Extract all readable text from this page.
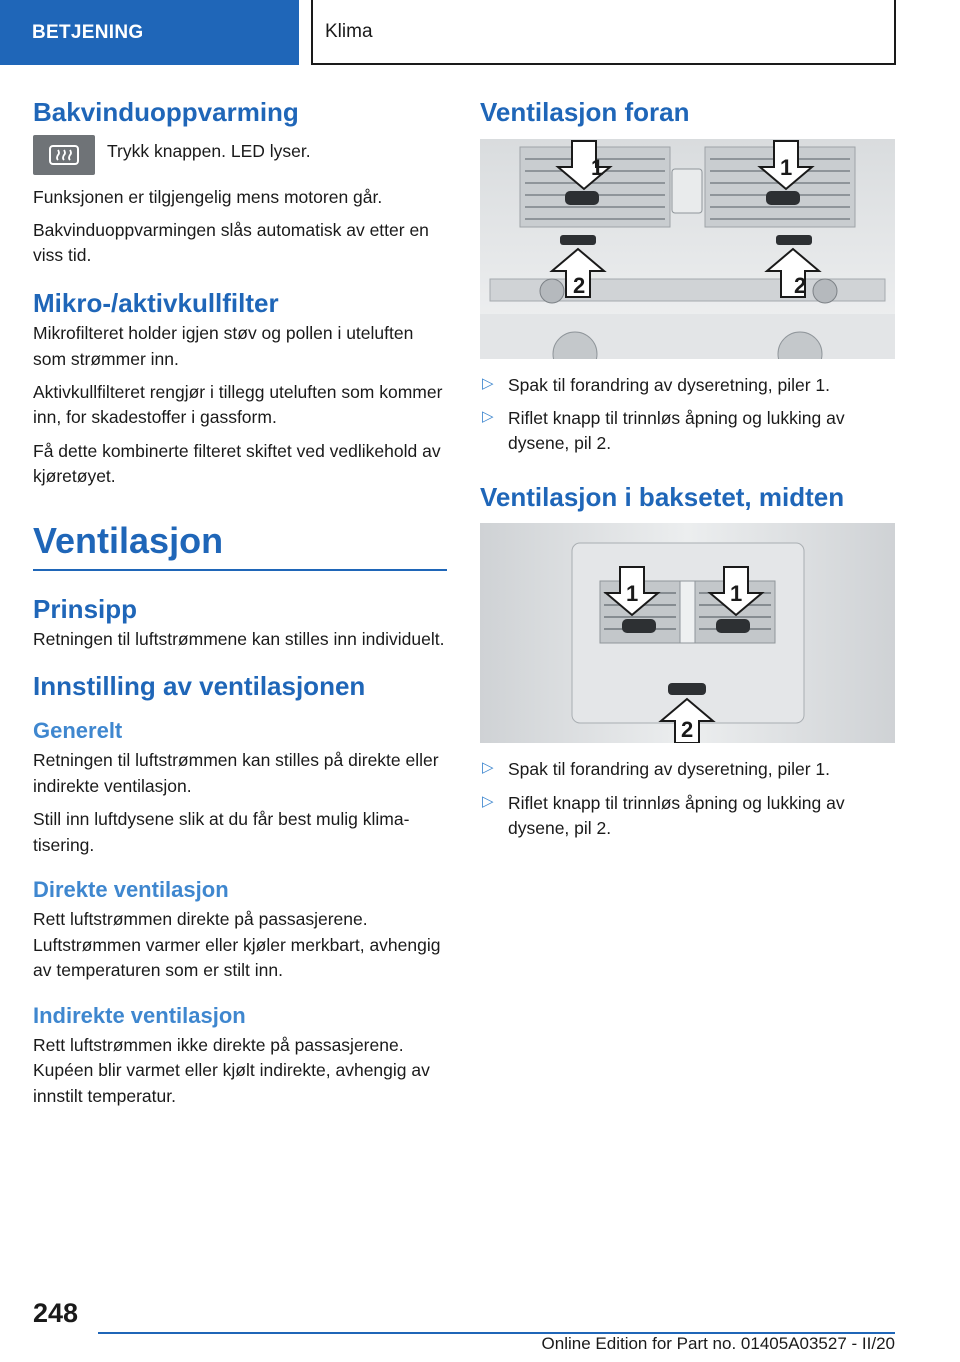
BETJENING	Klima
Bakvinduoppvarming

Trykk knappen. LED lyser.

Funksjonen er tilgjengelig mens motoren går.

Bakvinduoppvarmingen slås automatisk av etter en viss tid.

Mikro-/aktivkullfilter

Mikrofilteret holder igjen støv og pollen i uteluften som strømmer inn.

Aktivkullfilteret rengjør i tillegg uteluften som kommer inn, for skadestoffer i gassform.

Få dette kombinerte filteret skiftet ved vedlikehold av kjøretøyet.

Ventilasjon
Prinsipp

Retningen til luftstrømmene kan stilles inn individuelt.

Innstilling av ventilasjonen
Generelt

Retningen til luftstrømmen kan stilles på direkte eller indirekte ventilasjon.

Still inn luftdysene slik at du får best mulig klimatisering.

Direkte ventilasjon

Rett luftstrømmen direkte på passasjerene. Luftstrømmen varmer eller kjøler merkbart, avhengig av temperaturen som er stilt inn.

Indirekte ventilasjon

Rett luftstrømmen ikke direkte på passasjerene. Kupéen blir varmet eller kjølt indirekte, avhengig av innstilt temperatur.

Ventilasjon foran
1	1
2	2
▷ Spak til forandring av dyseretning, piler 1.
▷ Riflet knapp til trinnløs åpning og lukking av dysene, pil 2.
Ventilasjon i baksetet, midten
1	1
2
▷ Spak til forandring av dyseretning, piler 1.
▷ Riflet knapp til trinnløs åpning og lukking av dysene, pil 2.
248
Online Edition for Part no. 01405A03527 - II/20
